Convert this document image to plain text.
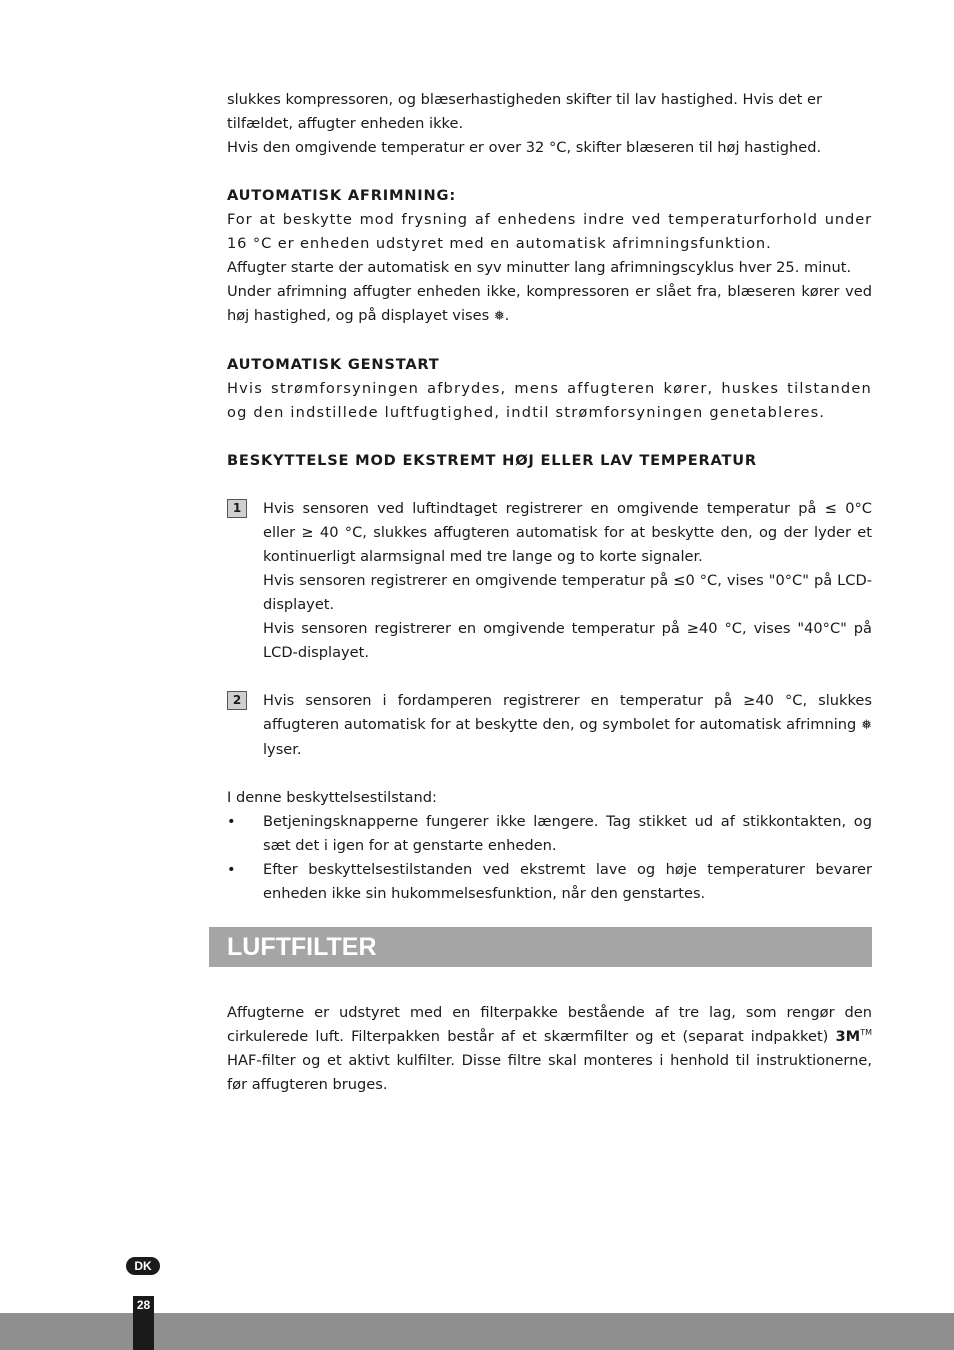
slukkes kompressoren, og blæserhastigheden skifter til lav hastighed. Hvis det er tilfældet, affugter enheden ikke.

Hvis den omgivende temperatur er over 32 °C, skifter blæseren til høj hastighed.

AUTOMATISK AFRIMNING:

For at beskytte mod frysning af enhedens indre ved temperaturforhold under 16 °C er enheden udstyret med en automatisk afrimningsfunktion.

Affugter starte der automatisk en syv minutter lang afrimningscyklus hver 25. minut.

Under afrimning affugter enheden ikke, kompressoren er slået fra, blæseren kører ved høj hastighed, og på displayet vises ❅.

AUTOMATISK GENSTART

Hvis strømforsyningen afbrydes, mens affugteren kører, huskes tilstanden og den indstillede luftfugtighed, indtil strømforsyningen genetableres.

BESKYTTELSE MOD EKSTREMT HØJ ELLER LAV TEMPERATUR

1	Hvis sensoren ved luftindtaget registrerer en omgivende temperatur på ≤ 0°C eller ≥ 40 °C, slukkes affugteren automatisk for at beskytte den, og der lyder et kontinuerligt alarmsignal med tre lange og to korte signaler.

Hvis sensoren registrerer en omgivende temperatur på ≤0 °C, vises "0°C" på LCD-displayet.

Hvis sensoren registrerer en omgivende temperatur på ≥40 °C, vises "40°C" på LCD-displayet.

2	Hvis sensoren i fordamperen registrerer en temperatur på ≥40 °C, slukkes affugteren automatisk for at beskytte den, og symbolet for automatisk afrimning ❅ lyser.

I denne beskyttelsestilstand:

• Betjeningsknapperne fungerer ikke længere. Tag stikket ud af stikkontakten, og sæt det i igen for at genstarte enheden.
• Efter beskyttelsestilstanden ved ekstremt lave og høje temperaturer bevarer enheden ikke sin hukommelsesfunktion, når den genstartes.
LUFTFILTER

Affugterne er udstyret med en filterpakke bestående af tre lag, som rengør den cirkulerede luft. Filterpakken består af et skærmfilter og et (separat indpakket) 3M™ HAF-filter og et aktivt kulfilter. Disse filtre skal monteres i henhold til instruktionerne, før affugteren bruges.

DK
28
